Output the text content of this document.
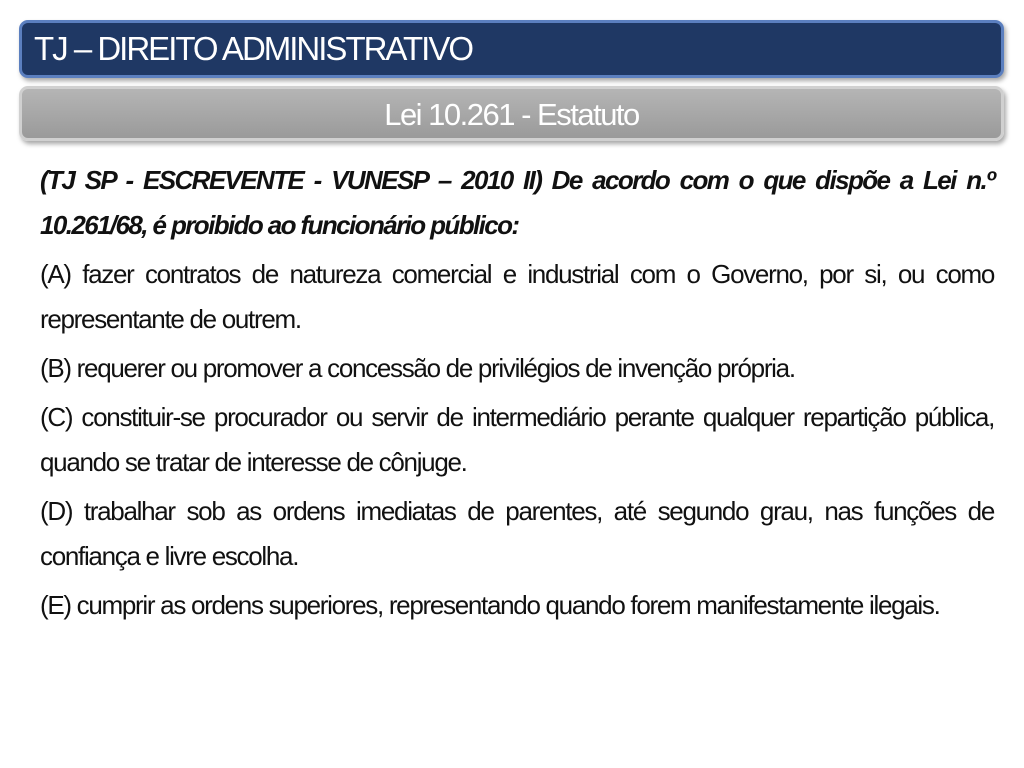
TJ – DIREITO ADMINISTRATIVO
Lei 10.261 - Estatuto

(TJ SP - ESCREVENTE - VUNESP – 2010 II) De acordo com o que dispõe a Lei n.º 10.261/68, é proibido ao funcionário público:

(A) fazer contratos de natureza comercial e industrial com o Governo, por si, ou como representante de outrem.

(B) requerer ou promover a concessão de privilégios de invenção própria.

(C) constituir-se procurador ou servir de intermediário perante qualquer repartição pública, quando se tratar de interesse de cônjuge.

(D) trabalhar sob as ordens imediatas de parentes, até segundo grau, nas funções de confiança e livre escolha.

(E) cumprir as ordens superiores, representando quando forem manifestamente ilegais.
